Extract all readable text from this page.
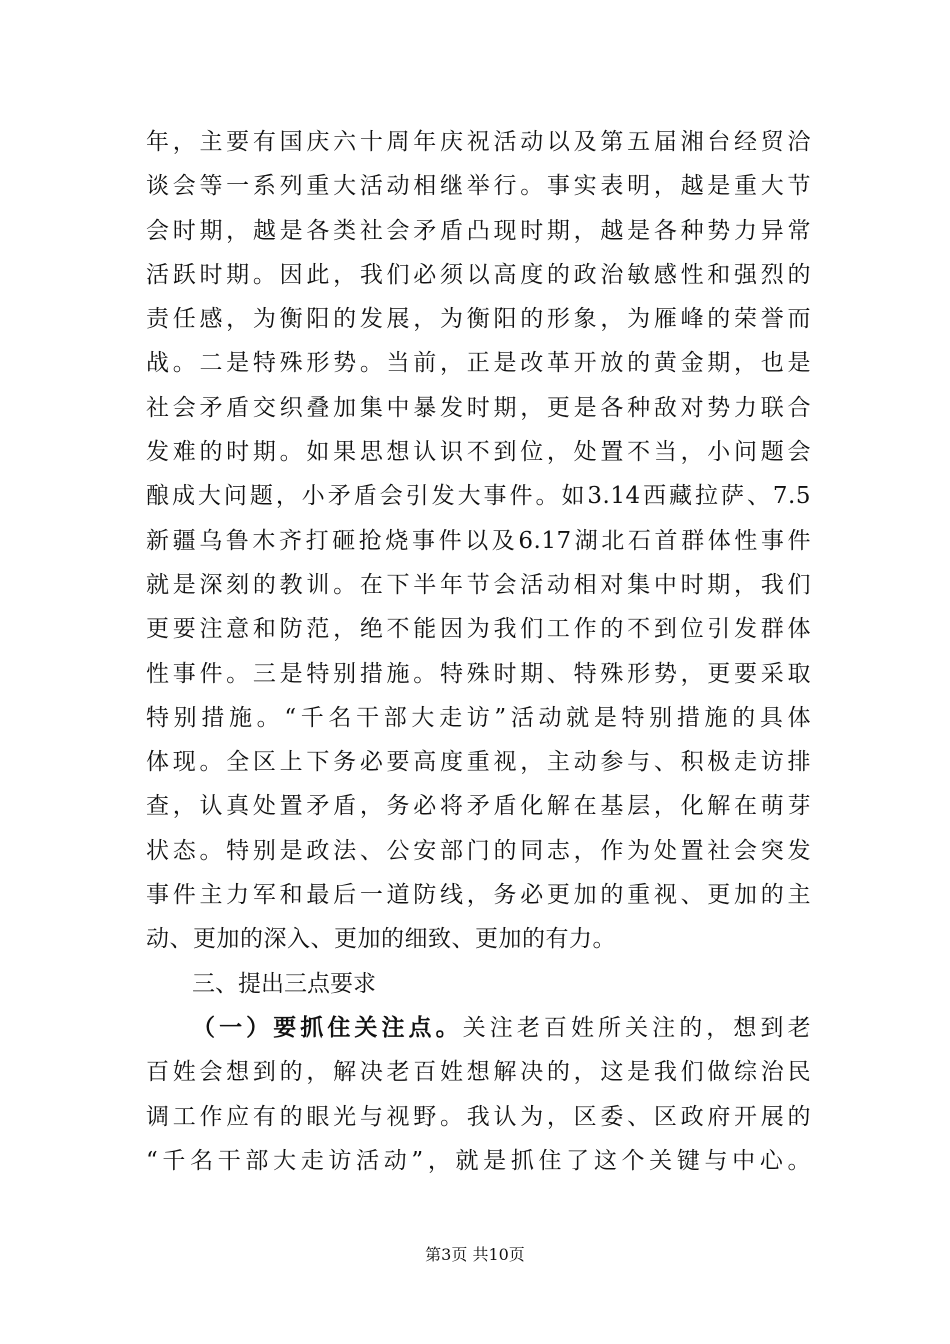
年，主要有国庆六十周年庆祝活动以及第五届湘台经贸洽
谈会等一系列重大活动相继举行。事实表明，越是重大节
会时期，越是各类社会矛盾凸现时期，越是各种势力异常
活跃时期。因此，我们必须以高度的政治敏感性和强烈的
责任感，为衡阳的发展，为衡阳的形象，为雁峰的荣誉而
战。二是特殊形势。当前，正是改革开放的黄金期，也是
社会矛盾交织叠加集中暴发时期，更是各种敌对势力联合
发难的时期。如果思想认识不到位，处置不当，小问题会
酿成大问题，小矛盾会引发大事件。如3.14西藏拉萨、7.5
新疆乌鲁木齐打砸抢烧事件以及6.17湖北石首群体性事件
就是深刻的教训。在下半年节会活动相对集中时期，我们
更要注意和防范，绝不能因为我们工作的不到位引发群体
性事件。三是特别措施。特殊时期、特殊形势，更要采取
特别措施。“千名干部大走访”活动就是特别措施的具体
体现。全区上下务必要高度重视，主动参与、积极走访排
查，认真处置矛盾，务必将矛盾化解在基层，化解在萌芽
状态。特别是政法、公安部门的同志，作为处置社会突发
事件主力军和最后一道防线，务必更加的重视、更加的主
动、更加的深入、更加的细致、更加的有力。
三、提出三点要求
（一）要抓住关注点。关注老百姓所关注的，想到老
百姓会想到的，解决老百姓想解决的，这是我们做综治民
调工作应有的眼光与视野。我认为，区委、区政府开展的
“千名干部大走访活动”，就是抓住了这个关键与中心。
第3页 共10页
